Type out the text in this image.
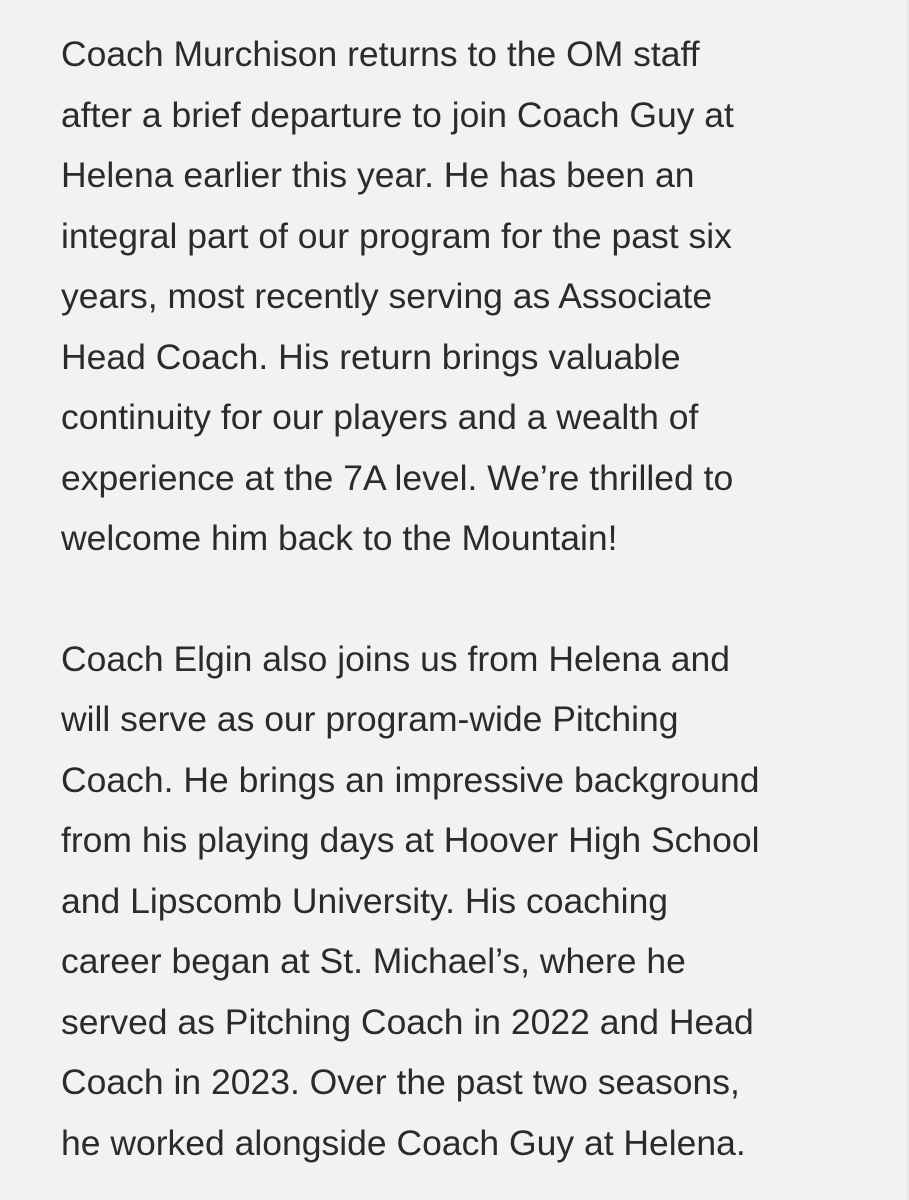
Coach Murchison returns to the OM staff
after a brief departure to join Coach Guy at
Helena earlier this year. He has been an
integral part of our program for the past six
years, most recently serving as Associate
Head Coach. His return brings valuable
continuity for our players and a wealth of
experience at the 7A level. We’re thrilled to
welcome him back to the Mountain!

Coach Elgin also joins us from Helena and
will serve as our program-wide Pitching
Coach. He brings an impressive background
from his playing days at Hoover High School
and Lipscomb University. His coaching
career began at St. Michael’s, where he
served as Pitching Coach in 2022 and Head
Coach in 2023. Over the past two seasons,
he worked alongside Coach Guy at Helena.
